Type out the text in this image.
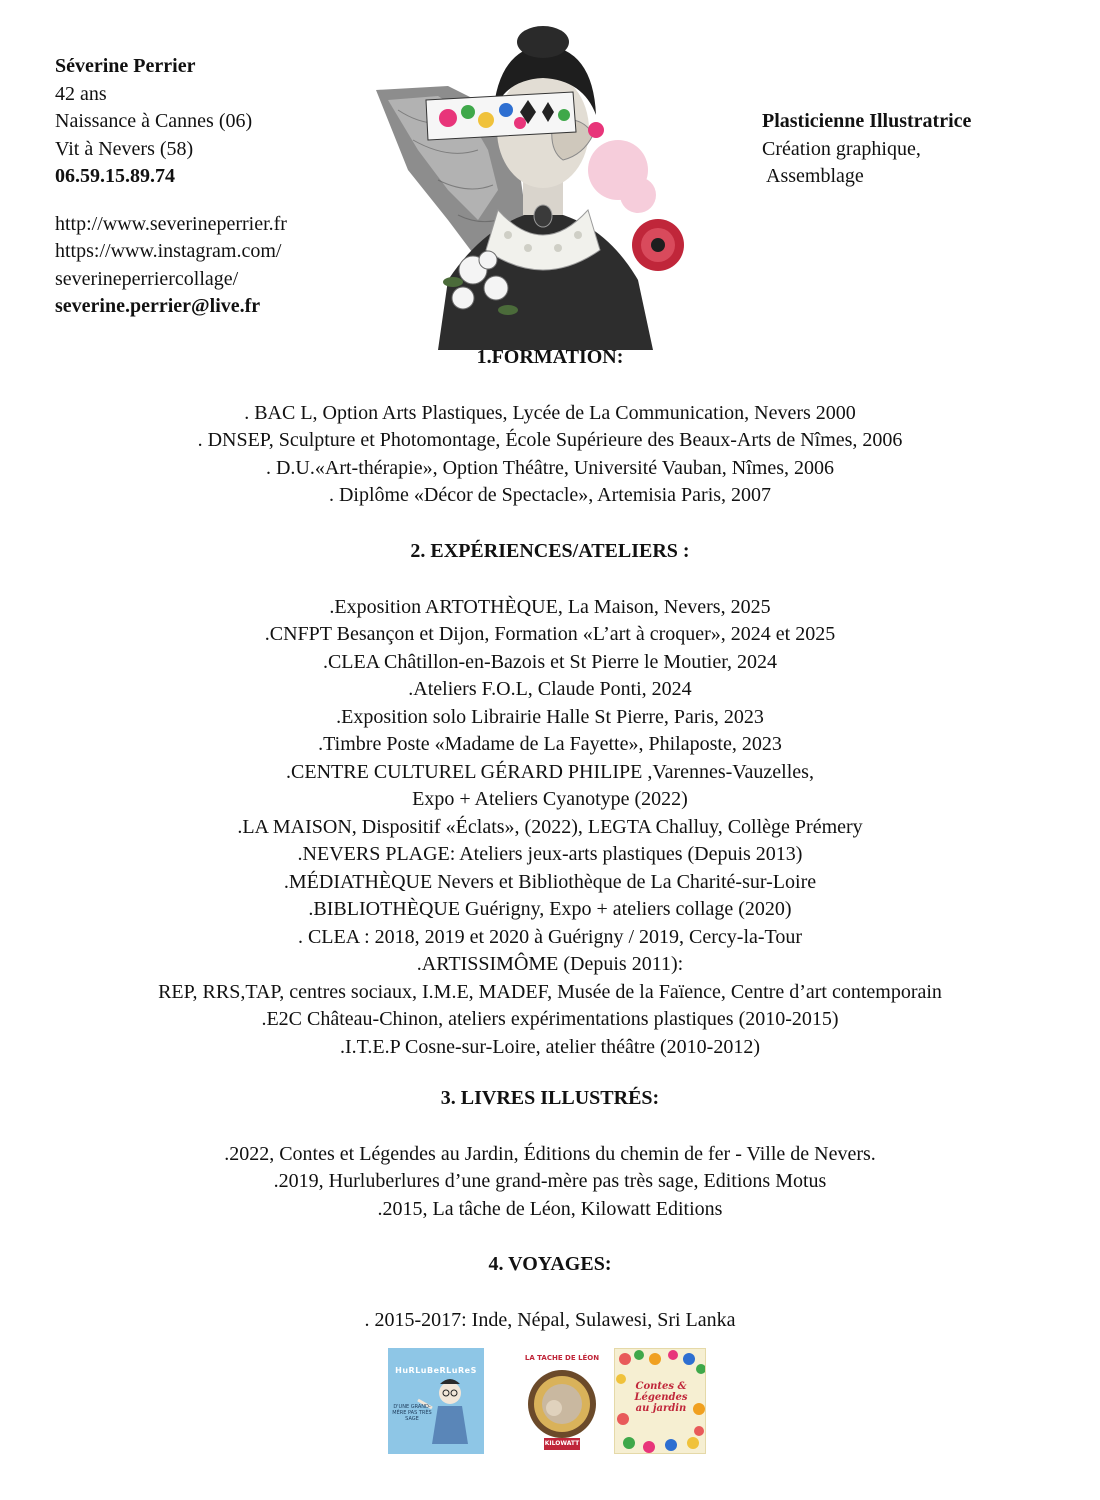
Séverine Perrier
42 ans
Naissance à Cannes (06)
Vit à Nevers (58)
06.59.15.89.74
http://www.severineperrier.fr
https://www.instagram.com/
severineperriercollage/
severine.perrier@live.fr
Plasticienne Illustratrice
Création graphique,
Assemblage
1.FORMATION:
. BAC L, Option Arts Plastiques, Lycée de La Communication, Nevers 2000
. DNSEP, Sculpture et Photomontage, École Supérieure des Beaux-Arts de Nîmes, 2006
. D.U.«Art-thérapie», Option Théâtre, Université Vauban, Nîmes, 2006
. Diplôme «Décor de Spectacle», Artemisia Paris, 2007
2. EXPÉRIENCES/ATELIERS :
.Exposition ARTOTHÈQUE, La Maison, Nevers, 2025
.CNFPT Besançon et Dijon, Formation «L’art à croquer», 2024 et 2025
.CLEA Châtillon-en-Bazois et St Pierre le Moutier, 2024
.Ateliers F.O.L, Claude Ponti, 2024
.Exposition solo Librairie Halle St Pierre, Paris, 2023
.Timbre Poste «Madame de La Fayette», Philaposte, 2023
.CENTRE CULTUREL GÉRARD PHILIPE ,Varennes-Vauzelles,
Expo + Ateliers Cyanotype (2022)
.LA MAISON, Dispositif «Éclats», (2022), LEGTA Challuy, Collège Prémery
.NEVERS PLAGE: Ateliers jeux-arts plastiques (Depuis 2013)
.MÉDIATHÈQUE Nevers et Bibliothèque de La Charité-sur-Loire
.BIBLIOTHÈQUE Guérigny, Expo + ateliers collage (2020)
. CLEA : 2018, 2019 et 2020 à Guérigny / 2019, Cercy-la-Tour
.ARTISSIMÔME (Depuis 2011):
REP, RRS,TAP, centres sociaux, I.M.E, MADEF, Musée de la Faïence, Centre d’art contemporain
.E2C Château-Chinon, ateliers expérimentations plastiques (2010-2015)
.I.T.E.P Cosne-sur-Loire, atelier théâtre (2010-2012)
3. LIVRES ILLUSTRÉS:
.2022, Contes et Légendes au Jardin, Éditions du chemin de fer - Ville de Nevers.
.2019, Hurluberlures d’une grand-mère pas très sage, Editions Motus
.2015, La tâche de Léon, Kilowatt Editions
4. VOYAGES:
. 2015-2017: Inde, Népal, Sulawesi, Sri Lanka
HuRLuBeRLuReS
D'UNE GRAND-MÈRE PAS TRÈS SAGE
LA TACHE DE LÉON
KILOWATT
Contes & Légendes au jardin
